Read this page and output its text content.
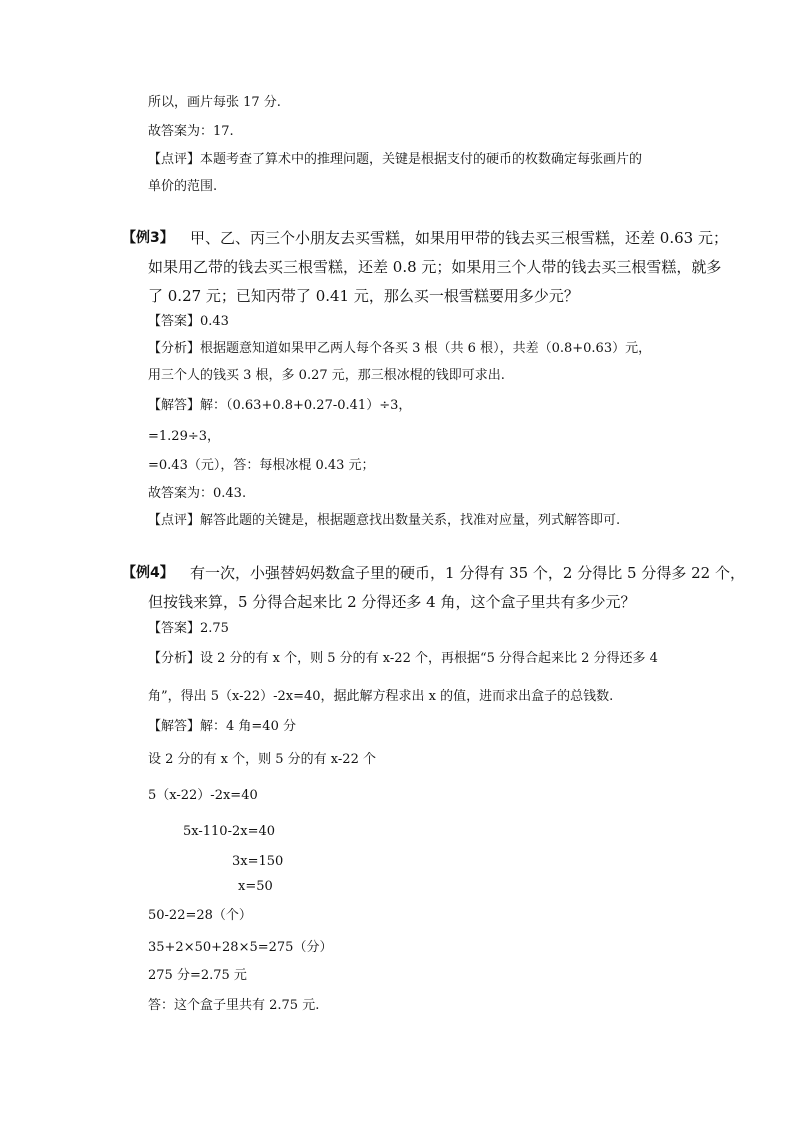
所以，画片每张 17 分.
故答案为：17.
【点评】本题考查了算术中的推理问题，关键是根据支付的硬币的枚数确定每张画片的
单价的范围.
【例3】 甲、乙、丙三个小朋友去买雪糕，如果用甲带的钱去买三根雪糕，还差 0.63 元；
如果用乙带的钱去买三根雪糕，还差 0.8 元；如果用三个人带的钱去买三根雪糕，就多
了 0.27 元；已知丙带了 0.41 元，那么买一根雪糕要用多少元？
【答案】0.43
【分析】根据题意知道如果甲乙两人每个各买 3 根（共 6 根），共差（0.8+0.63）元，
用三个人的钱买 3 根，多 0.27 元，那三根冰棍的钱即可求出.
【解答】解：（0.63+0.8+0.27-0.41）÷3，
=1.29÷3，
=0.43（元），答：每根冰棍 0.43 元；
故答案为：0.43.
【点评】解答此题的关键是，根据题意找出数量关系，找准对应量，列式解答即可.
【例4】 有一次，小强替妈妈数盒子里的硬币，1 分得有 35 个，2 分得比 5 分得多 22 个，
但按钱来算，5 分得合起来比 2 分得还多 4 角，这个盒子里共有多少元？
【答案】2.75
【分析】设 2 分的有 x 个，则 5 分的有 x-22 个，再根据“5 分得合起来比 2 分得还多 4
角”，得出 5（x-22）-2x=40，据此解方程求出 x 的值，进而求出盒子的总钱数.
【解答】解：4 角=40 分
设 2 分的有 x 个，则 5 分的有 x-22 个
5（x-22）-2x=40
5x-110-2x=40
3x=150
x=50
50-22=28（个）
35+2×50+28×5=275（分）
275 分=2.75 元
答：这个盒子里共有 2.75 元.
